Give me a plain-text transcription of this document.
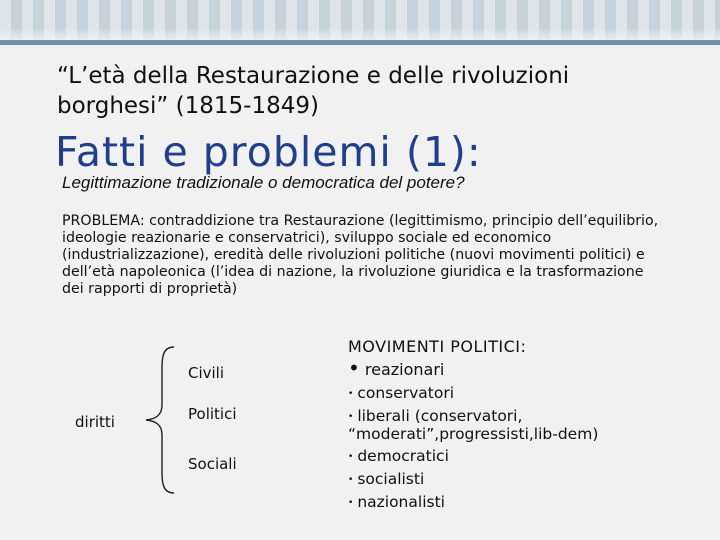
“L’età della Restaurazione e delle rivoluzioni borghesi” (1815-1849)
Fatti e problemi (1):
Legittimazione tradizionale o democratica del potere?
PROBLEMA: contraddizione tra Restaurazione (legittimismo, principio dell’equilibrio, ideologie reazionarie e conservatrici), sviluppo sociale ed economico (industrializzazione), eredità delle rivoluzioni politiche (nuovi movimenti politici) e dell’età napoleonica (l’idea di nazione, la rivoluzione giuridica e la trasformazione dei rapporti di proprietà)
diritti
Civili
Politici
Sociali
MOVIMENTI POLITICI:
• reazionari
• conservatori
• liberali (conservatori, “moderati”,progressisti,lib-dem)
• democratici
• socialisti
• nazionalisti
